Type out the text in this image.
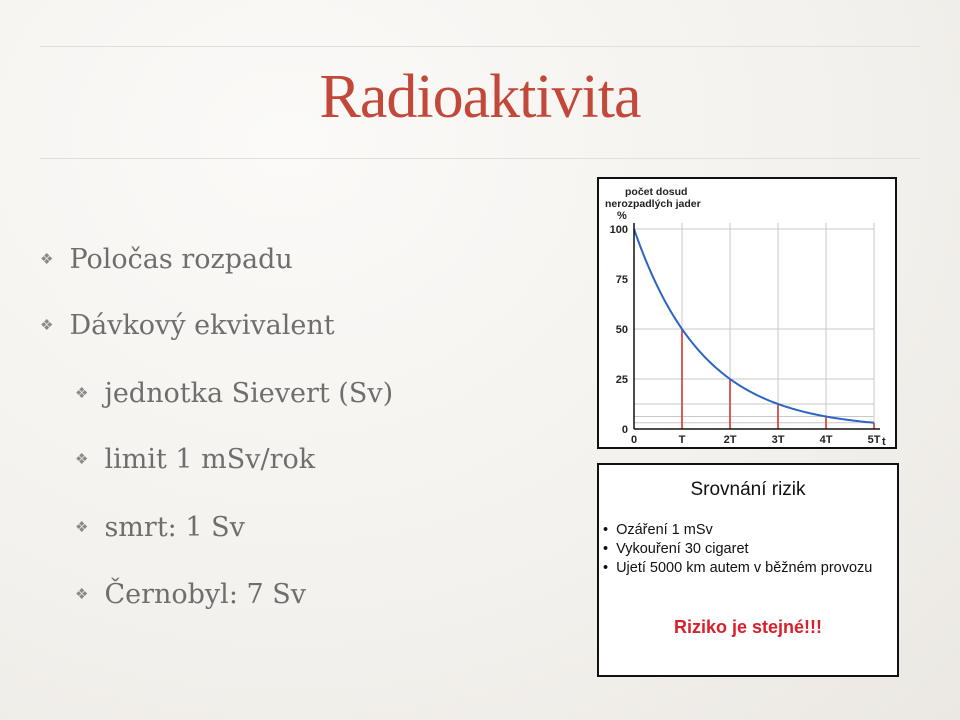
Radioaktivita
❖ Poločas rozpadu
❖ Dávkový ekvivalent
❖ jednotka Sievert (Sv)
❖ limit 1 mSv/rok
❖ smrt: 1 Sv
❖ Černobyl: 7 Sv
počet dosud
nerozpadlých jader
%
t
0
25
50
75
100
0	T	2T	3T	4T	5T
Srovnání rizik
• Ozáření 1 mSv
• Vykouření 30 cigaret
• Ujetí 5000 km autem v běžném provozu
Riziko je stejné!!!
